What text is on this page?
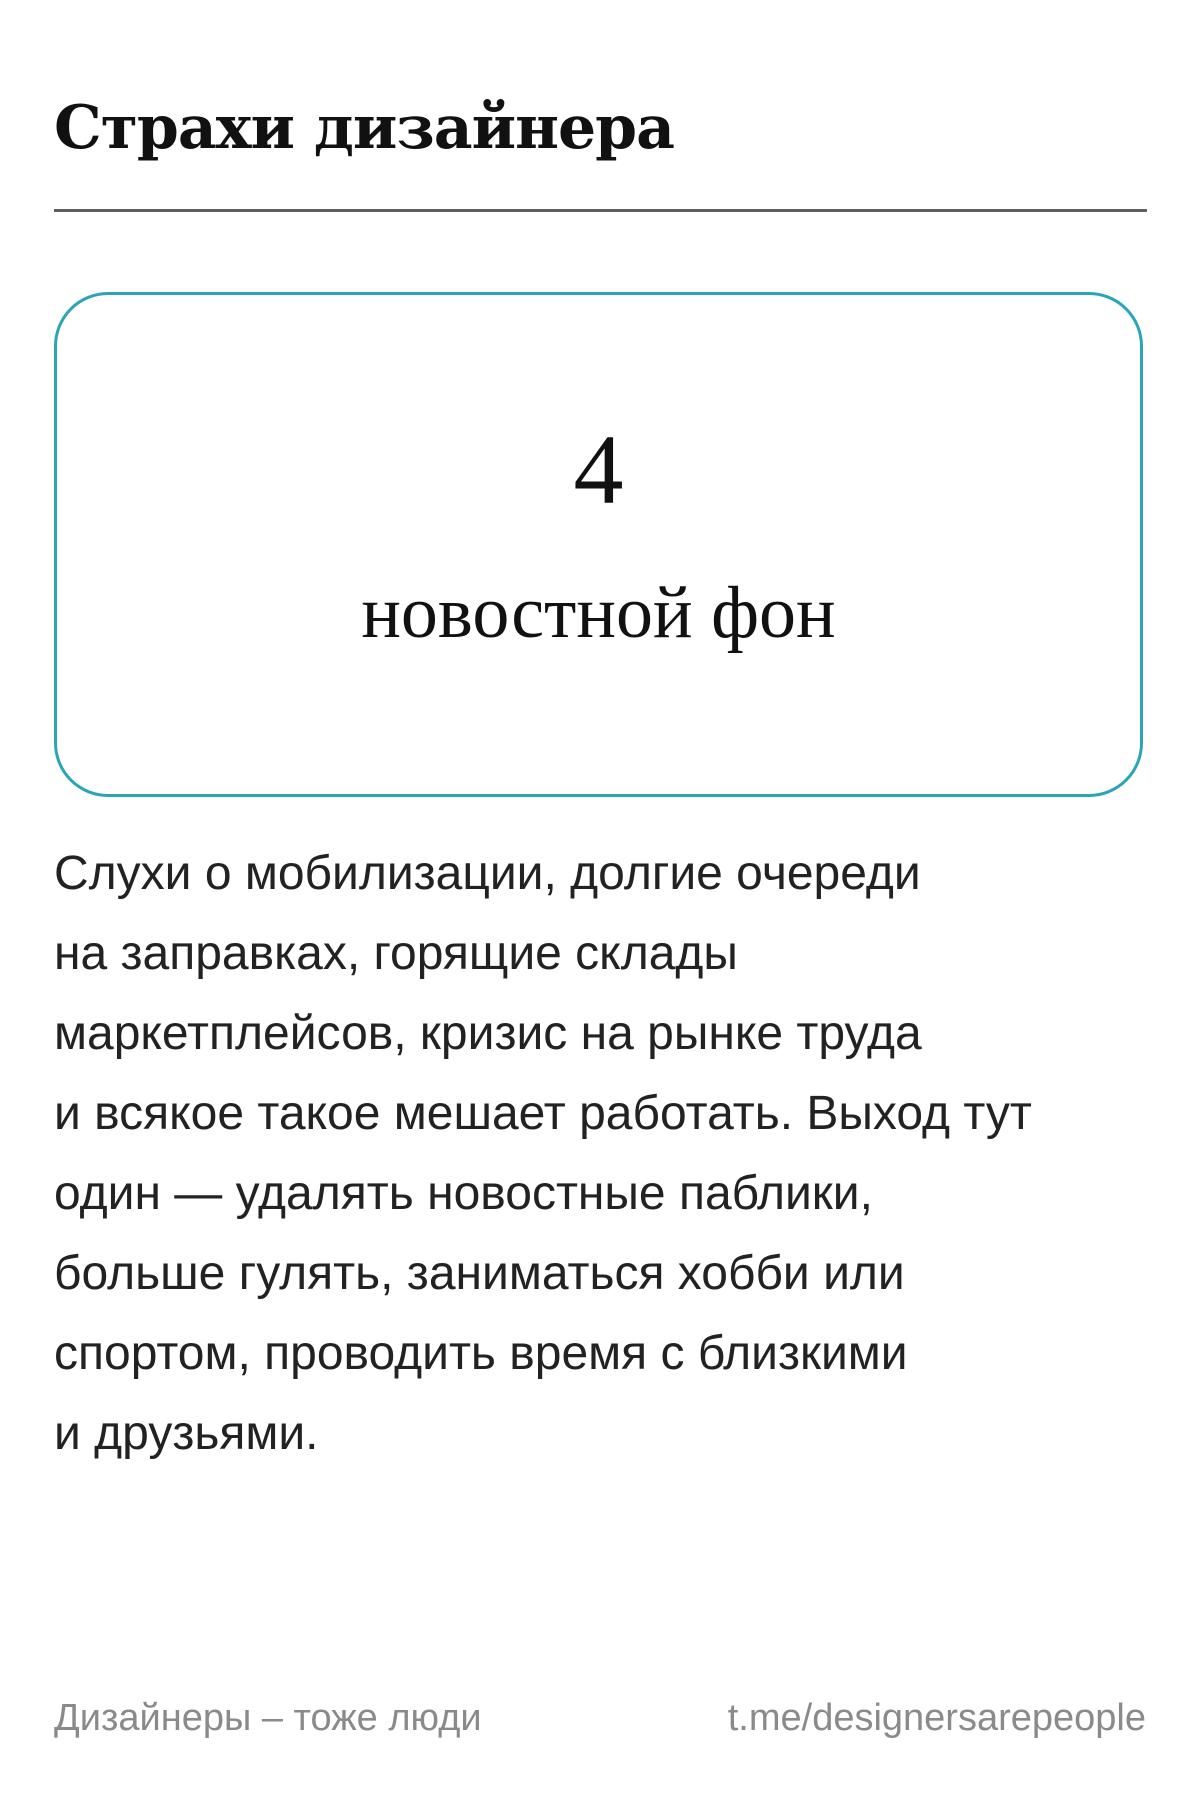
Страхи дизайнера
4
новостной фон
Слухи о мобилизации, долгие очереди
на заправках, горящие склады
маркетплейсов, кризис на рынке труда
и всякое такое мешает работать. Выход тут
один — удалять новостные паблики,
больше гулять, заниматься хобби или
спортом, проводить время с близкими
и друзьями.
Дизайнеры – тоже люди	t.me/designersarepeople
